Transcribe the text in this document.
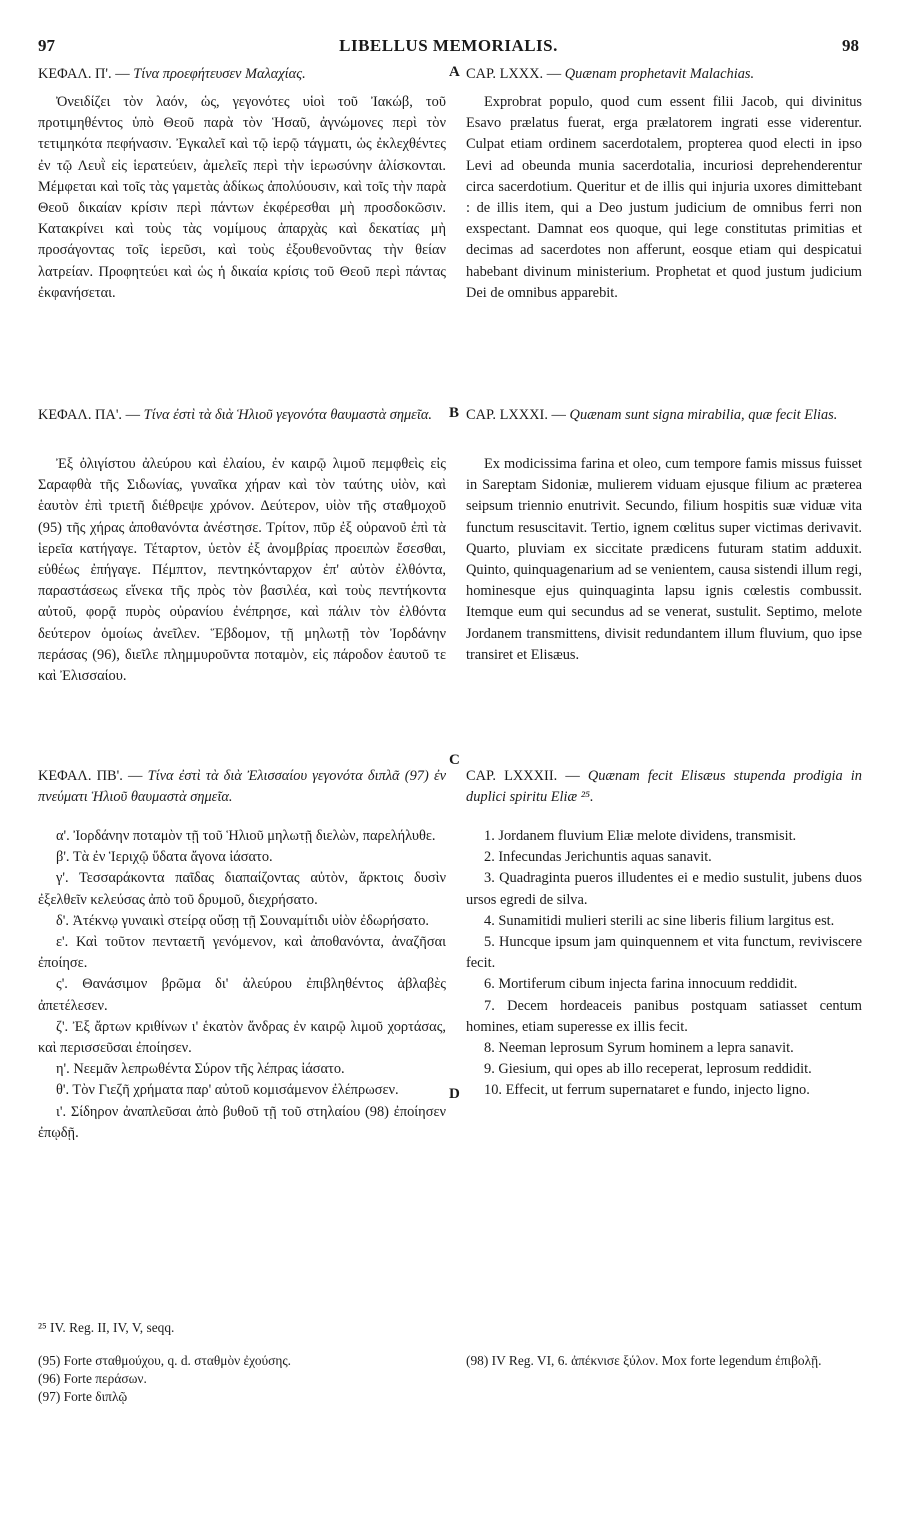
97	LIBELLUS MEMORIALIS.	98
A
B
C
D
ΚΕΦΑΛ. Π'. — Τίνα προεφήτευσεν Μαλαχίας.	CAP. LXXX. — Quænam prophetavit Malachias.

Ὀνειδίζει τὸν λαόν, ὡς, γεγονότες υἱοὶ τοῦ Ἰακώβ, τοῦ προτιμηθέντος ὑπὸ Θεοῦ παρὰ τὸν Ἡσαῦ, ἀγνώμονες περὶ τὸν τετιμηκότα πεφήνασιν. Ἐγκαλεῖ καὶ τῷ ἱερῷ τάγματι, ὡς ἐκλεχθέντες ἐν τῷ Λευῒ εἰς ἱερατεύειν, ἀμελεῖς περὶ τὴν ἱερωσύνην ἁλίσκονται. Μέμφεται καὶ τοῖς τὰς γαμετὰς ἀδίκως ἀπολύουσιν, καὶ τοῖς τὴν παρὰ Θεοῦ δικαίαν κρίσιν περὶ πάντων ἐκφέρεσθαι μὴ προσδοκῶσιν. Κατακρίνει καὶ τοὺς τὰς νομίμους ἀπαρχὰς καὶ δεκατίας μὴ προσάγοντας τοῖς ἱερεῦσι, καὶ τοὺς ἐξουθενοῦντας τὴν θείαν λατρείαν. Προφητεύει καὶ ὡς ἡ δικαία κρίσις τοῦ Θεοῦ περὶ πάντας ἐκφανήσεται.

Exprobrat populo, quod cum essent filii Jacob, qui divinitus Esavo prælatus fuerat, erga prælatorem ingrati esse viderentur. Culpat etiam ordinem sacerdotalem, propterea quod electi in ipso Levi ad obeunda munia sacerdotalia, incuriosi deprehenderentur circa sacerdotium. Queritur et de illis qui injuria uxores dimittebant : de illis item, qui a Deo justum judicium de omnibus ferri non exspectant. Damnat eos quoque, qui lege constitutas primitias et decimas ad sacerdotes non afferunt, eosque etiam qui despicatui habebant divinum ministerium. Prophetat et quod justum judicium Dei de omnibus apparebit.

ΚΕΦΑΛ. ΠΑ'. — Τίνα ἐστὶ τὰ διὰ Ἡλιοῦ γεγονότα θαυμαστὰ σημεῖα.	CAP. LXXXI. — Quænam sunt signa mirabilia, quæ fecit Elias.

Ἐξ ὀλιγίστου ἀλεύρου καὶ ἐλαίου, ἐν καιρῷ λιμοῦ πεμφθεὶς εἰς Σαραφθὰ τῆς Σιδωνίας, γυναῖκα χήραν καὶ τὸν ταύτης υἱὸν, καὶ ἑαυτὸν ἐπὶ τριετῆ διέθρεψε χρόνον. Δεύτερον, υἱὸν τῆς σταθμοχοῦ (95) τῆς χήρας ἀποθανόντα ἀνέστησε. Τρίτον, πῦρ ἐξ οὐρανοῦ ἐπὶ τὰ ἱερεῖα κατήγαγε. Τέταρτον, ὑετὸν ἐξ ἀνομβρίας προειπὼν ἔσεσθαι, εὐθέως ἐπήγαγε. Πέμπτον, πεντηκόνταρχον ἐπ' αὐτὸν ἐλθόντα, παραστάσεως εἵνεκα τῆς πρὸς τὸν βασιλέα, καὶ τοὺς πεντήκοντα αὐτοῦ, φορᾷ πυρὸς οὐρανίου ἐνέπρησε, καὶ πάλιν τὸν ἐλθόντα δεύτερον ὁμοίως ἀνεῖλεν. Ἕβδομον, τῇ μηλωτῇ τὸν Ἰορδάνην περάσας (96), διεῖλε πλημμυροῦντα ποταμὸν, εἰς πάροδον ἑαυτοῦ τε καὶ Ἐλισσαίου.

Ex modicissima farina et oleo, cum tempore famis missus fuisset in Sareptam Sidoniæ, mulierem viduam ejusque filium ac præterea seipsum triennio enutrivit. Secundo, filium hospitis suæ viduæ vita functum resuscitavit. Tertio, ignem cœlitus super victimas derivavit. Quarto, pluviam ex siccitate prædicens futuram statim adduxit. Quinto, quinquagenarium ad se venientem, causa sistendi illum regi, hominesque ejus quinquaginta lapsu ignis cœlestis combussit. Itemque eum qui secundus ad se venerat, sustulit. Septimo, melote Jordanem transmittens, divisit redundantem illum fluvium, quo ipse transiret et Elisæus.

ΚΕΦΑΛ. ΠΒ'. — Τίνα ἐστὶ τὰ διὰ Ἐλισσαίου γεγονότα διπλᾶ (97) ἐν πνεύματι Ἡλιοῦ θαυμαστὰ σημεῖα.
CAP. LXXXII. — Quænam fecit Elisæus stupenda prodigia in duplici spiritu Eliæ ²⁵.

α'. Ἰορδάνην ποταμὸν τῇ τοῦ Ἡλιοῦ μηλωτῇ διελὼν, παρελήλυθε.

β'. Τὰ ἐν Ἱεριχῷ ὕδατα ἄγονα ἰάσατο.

γ'. Τεσσαράκοντα παῖδας διαπαίζοντας αὐτὸν, ἄρκτοις δυσὶν ἐξελθεῖν κελεύσας ἀπὸ τοῦ δρυμοῦ, διεχρήσατο.

δ'. Ἀτέκνῳ γυναικὶ στείρᾳ οὔσῃ τῇ Σουναμίτιδι υἱὸν ἐδωρήσατο.

ε'. Καὶ τοῦτον πενταετῆ γενόμενον, καὶ ἀποθανόντα, ἀναζῆσαι ἐποίησε.

ς'. Θανάσιμον βρῶμα δι' ἀλεύρου ἐπιβληθέντος ἀβλαβὲς ἀπετέλεσεν.

ζ'. Ἐξ ἄρτων κριθίνων ι' ἑκατὸν ἄνδρας ἐν καιρῷ λιμοῦ χορτάσας, καὶ περισσεῦσαι ἐποίησεν.

η'. Νεεμᾶν λεπρωθέντα Σύρον τῆς λέπρας ἰάσατο.

θ'. Τὸν Γιεζῆ χρήματα παρ' αὐτοῦ κομισάμενον ἐλέπρωσεν.

ι'. Σίδηρον ἀναπλεῦσαι ἀπὸ βυθοῦ τῇ τοῦ στηλαίου (98) ἐποίησεν ἐπῳδῇ.

1. Jordanem fluvium Eliæ melote dividens, transmisit.

2. Infecundas Jerichuntis aquas sanavit.

3. Quadraginta pueros illudentes ei e medio sustulit, jubens duos ursos egredi de silva.

4. Sunamitidi mulieri sterili ac sine liberis filium largitus est.

5. Huncque ipsum jam quinquennem et vita functum, reviviscere fecit.

6. Mortiferum cibum injecta farina innocuum reddidit.

7. Decem hordeaceis panibus postquam satiasset centum homines, etiam superesse ex illis fecit.

8. Neeman leprosum Syrum hominem a lepra sanavit.

9. Giesium, qui opes ab illo receperat, leprosum reddidit.

10. Effecit, ut ferrum supernataret e fundo, injecto ligno.

²⁵ IV. Reg. II, IV, V, seqq.

(95) Forte σταθμούχου, q. d. σταθμὸν ἐχούσης.

(96) Forte περάσων.

(97) Forte διπλῷ

(98) IV Reg. VI, 6. ἀπέκνισε ξύλον. Mox forte legendum ἐπιβολῇ.
